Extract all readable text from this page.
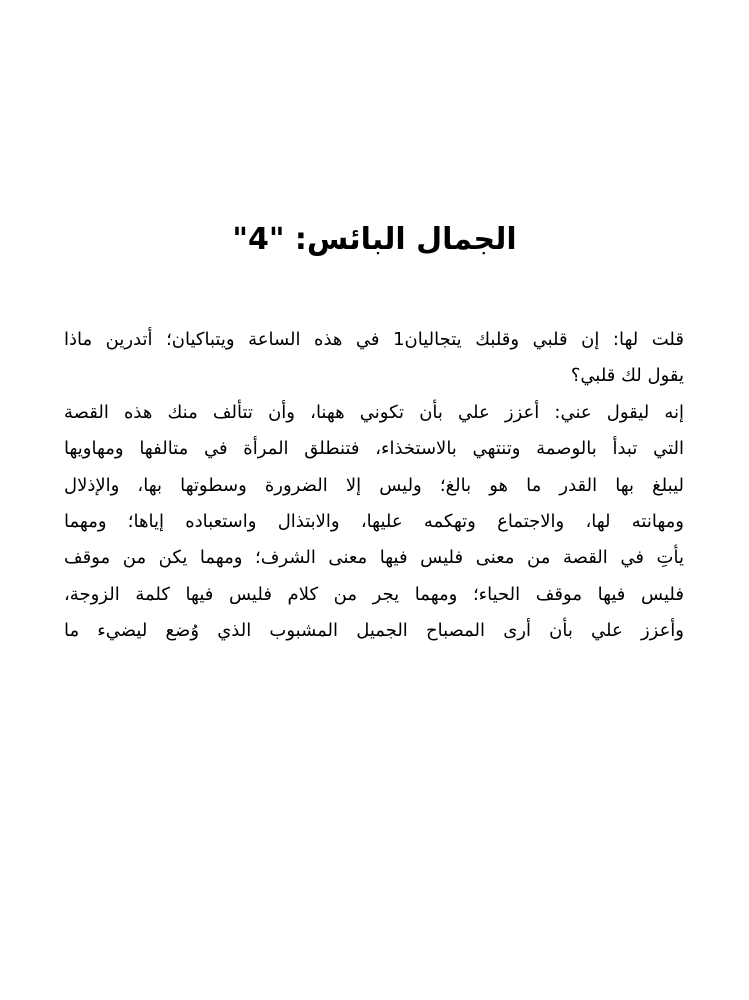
الجمال البائس: "4"
قلت لها: إن قلبي وقلبك يتجاليان1 في هذه الساعة ويتباكيان؛ أتدرين ماذا
يقول لك قلبي؟
إنه ليقول عني: أعزز علي بأن تكوني ههنا، وأن تتألف منك هذه القصة
التي تبدأ بالوصمة وتنتهي بالاستخذاء، فتنطلق المرأة في متالفها ومهاويها
ليبلغ بها القدر ما هو بالغ؛ وليس إلا الضرورة وسطوتها بها، والإذلال
ومهانته لها، والاجتماع وتهكمه عليها، والابتذال واستعباده إياها؛ ومهما
يأتِ في القصة من معنى فليس فيها معنى الشرف؛ ومهما يكن من موقف
فليس فيها موقف الحياء؛ ومهما يجر من كلام فليس فيها كلمة الزوجة،
وأعزز علي بأن أرى المصباح الجميل المشبوب الذي وُضع ليضيء ما
